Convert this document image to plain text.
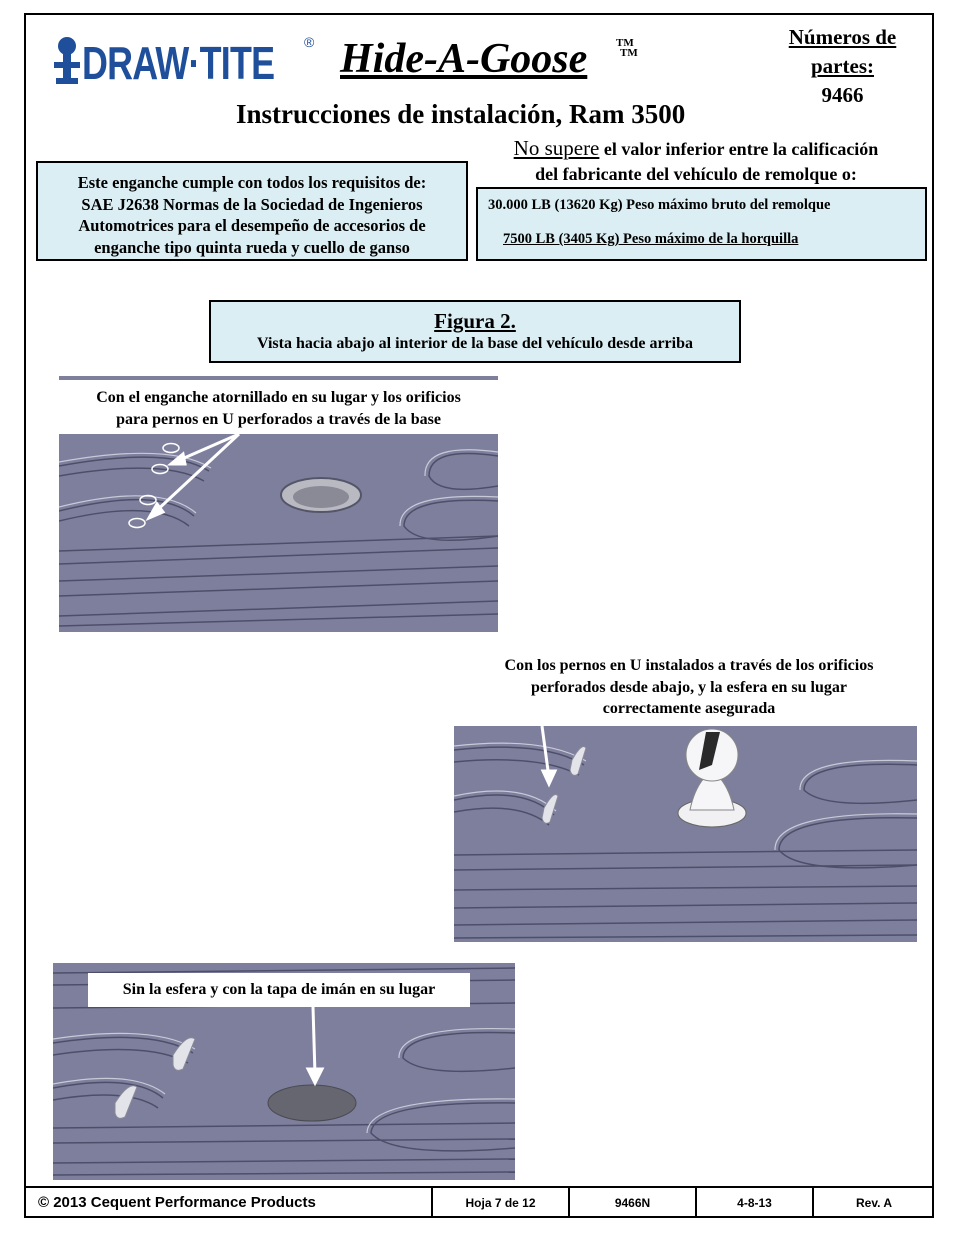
DRAW·TITE ® Hide-A-Goose	TM
TM
Números de
partes:
9466
Instrucciones de instalación, Ram 3500
Este enganche cumple con todos los requisitos de:
SAE J2638 Normas de la Sociedad de Ingenieros
Automotrices para el desempeño de accesorios de
enganche tipo quinta rueda y cuello de ganso
No supere el valor inferior entre la calificación
del fabricante del vehículo de remolque o:
30.000 LB (13620 Kg) Peso máximo bruto del remolque
7500 LB (3405 Kg) Peso máximo de la horquilla
Figura 2.
Vista hacia abajo al interior de la base del vehículo desde arriba
Con el enganche atornillado en su lugar y los orificios
para pernos en U perforados a través de la base
Con los pernos en U instalados a través de los orificios
perforados desde abajo, y la esfera en su lugar
correctamente asegurada
Sin la esfera y con la tapa de imán en su lugar
© 2013 Cequent Performance Products	Hoja 7 de 12	9466N	4-8-13	Rev. A
